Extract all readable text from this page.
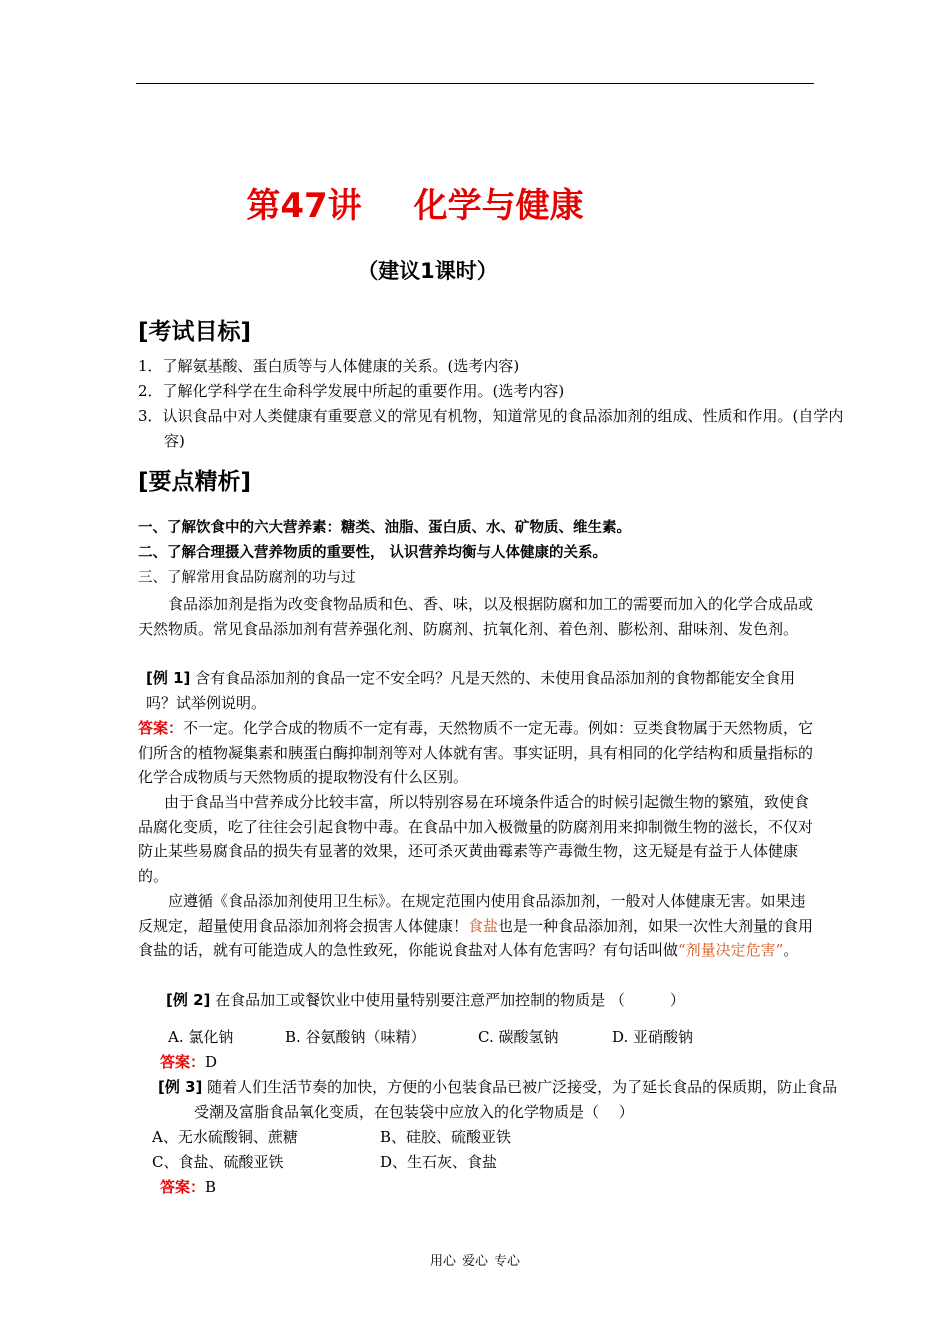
第47讲 化学与健康
（建议1课时）
[考试目标]
1．了解氨基酸、蛋白质等与人体健康的关系。(选考内容)
2．了解化学科学在生命科学发展中所起的重要作用。(选考内容)
3．认识食品中对人类健康有重要意义的常见有机物，知道常见的食品添加剂的组成、性质和作用。(自学内容)
[要点精析]
一、了解饮食中的六大营养素：糖类、油脂、蛋白质、水、矿物质、维生素。
二、了解合理摄入营养物质的重要性， 认识营养均衡与人体健康的关系。
三、了解常用食品防腐剂的功与过
食品添加剂是指为改变食物品质和色、香、味，以及根据防腐和加工的需要而加入的化学合成品或天然物质。常见食品添加剂有营养强化剂、防腐剂、抗氧化剂、着色剂、膨松剂、甜味剂、发色剂。
[例 1] 含有食品添加剂的食品一定不安全吗？凡是天然的、未使用食品添加剂的食物都能安全食用吗？试举例说明。
答案：不一定。化学合成的物质不一定有毒，天然物质不一定无毒。例如：豆类食物属于天然物质，它们所含的植物凝集素和胰蛋白酶抑制剂等对人体就有害。事实证明，具有相同的化学结构和质量指标的化学合成物质与天然物质的提取物没有什么区别。
由于食品当中营养成分比较丰富，所以特别容易在环境条件适合的时候引起微生物的繁殖，致使食品腐化变质，吃了往往会引起食物中毒。在食品中加入极微量的防腐剂用来抑制微生物的滋长，不仅对防止某些易腐食品的损失有显著的效果，还可杀灭黄曲霉素等产毒微生物，这无疑是有益于人体健康的。
应遵循《食品添加剂使用卫生标》。在规定范围内使用食品添加剂，一般对人体健康无害。如果违反规定，超量使用食品添加剂将会损害人体健康！食盐也是一种食品添加剂，如果一次性大剂量的食用食盐的话，就有可能造成人的急性致死，你能说食盐对人体有危害吗？有句话叫做“剂量决定危害”。
[例 2] 在食品加工或餐饮业中使用量特别要注意严加控制的物质是 （　　　）
A. 氯化钠	B. 谷氨酸钠（味精）	C. 碳酸氢钠	D. 亚硝酸钠
答案：D
[例 3] 随着人们生活节奏的加快，方便的小包装食品已被广泛接受，为了延长食品的保质期，防止食品受潮及富脂食品氧化变质，在包装袋中应放入的化学物质是（　 ）
A、无水硫酸铜、蔗糖	B、硅胶、硫酸亚铁
C、食盐、硫酸亚铁	D、生石灰、食盐
答案：B
用心 爱心 专心
